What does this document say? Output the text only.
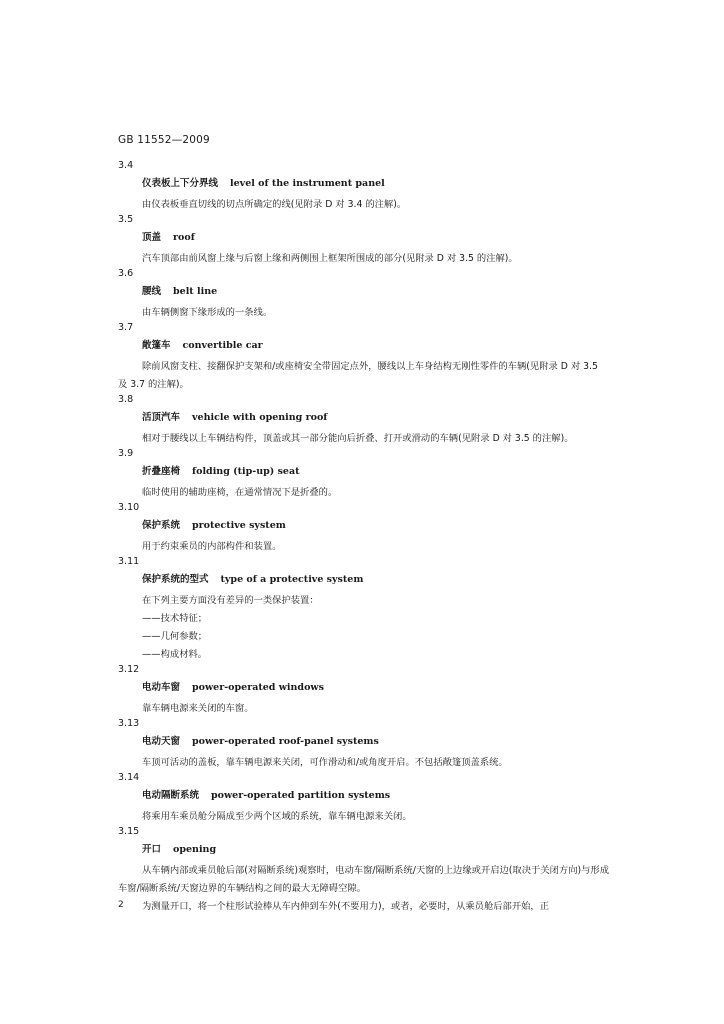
GB 11552—2009
3.4
仪表板上下分界线 level of the instrument panel
由仪表板垂直切线的切点所确定的线(见附录 D 对 3.4 的注解)。
3.5
顶盖 roof
汽车顶部由前风窗上缘与后窗上缘和两侧围上框架所围成的部分(见附录 D 对 3.5 的注解)。
3.6
腰线 belt line
由车辆侧窗下缘形成的一条线。
3.7
敞篷车 convertible car
除前风窗支柱、接翻保护支架和/或座椅安全带固定点外，腰线以上车身结构无刚性零件的车辆(见附录 D 对 3.5 及 3.7 的注解)。
3.8
活顶汽车 vehicle with opening roof
相对于腰线以上车辆结构件，顶盖或其一部分能向后折叠、打开或滑动的车辆(见附录 D 对 3.5 的注解)。
3.9
折叠座椅 folding (tip-up) seat
临时使用的辅助座椅，在通常情况下是折叠的。
3.10
保护系统 protective system
用于约束乘员的内部构件和装置。
3.11
保护系统的型式 type of a protective system
在下列主要方面没有差异的一类保护装置：
——技术特征；
——几何参数；
——构成材料。
3.12
电动车窗 power-operated windows
靠车辆电源来关闭的车窗。
3.13
电动天窗 power-operated roof-panel systems
车顶可活动的盖板，靠车辆电源来关闭，可作滑动和/或角度开启。不包括敞篷顶盖系统。
3.14
电动隔断系统 power-operated partition systems
将乘用车乘员舱分隔成至少两个区域的系统，靠车辆电源来关闭。
3.15
开口 opening
从车辆内部或乘员舱后部(对隔断系统)观察时，电动车窗/隔断系统/天窗的上边缘或开启边(取决于关闭方向)与形成车窗/隔断系统/天窗边界的车辆结构之间的最大无障碍空隙。
为测量开口，将一个柱形试验棒从车内伸到车外(不要用力)，或者，必要时，从乘员舱后部开始，正
2
